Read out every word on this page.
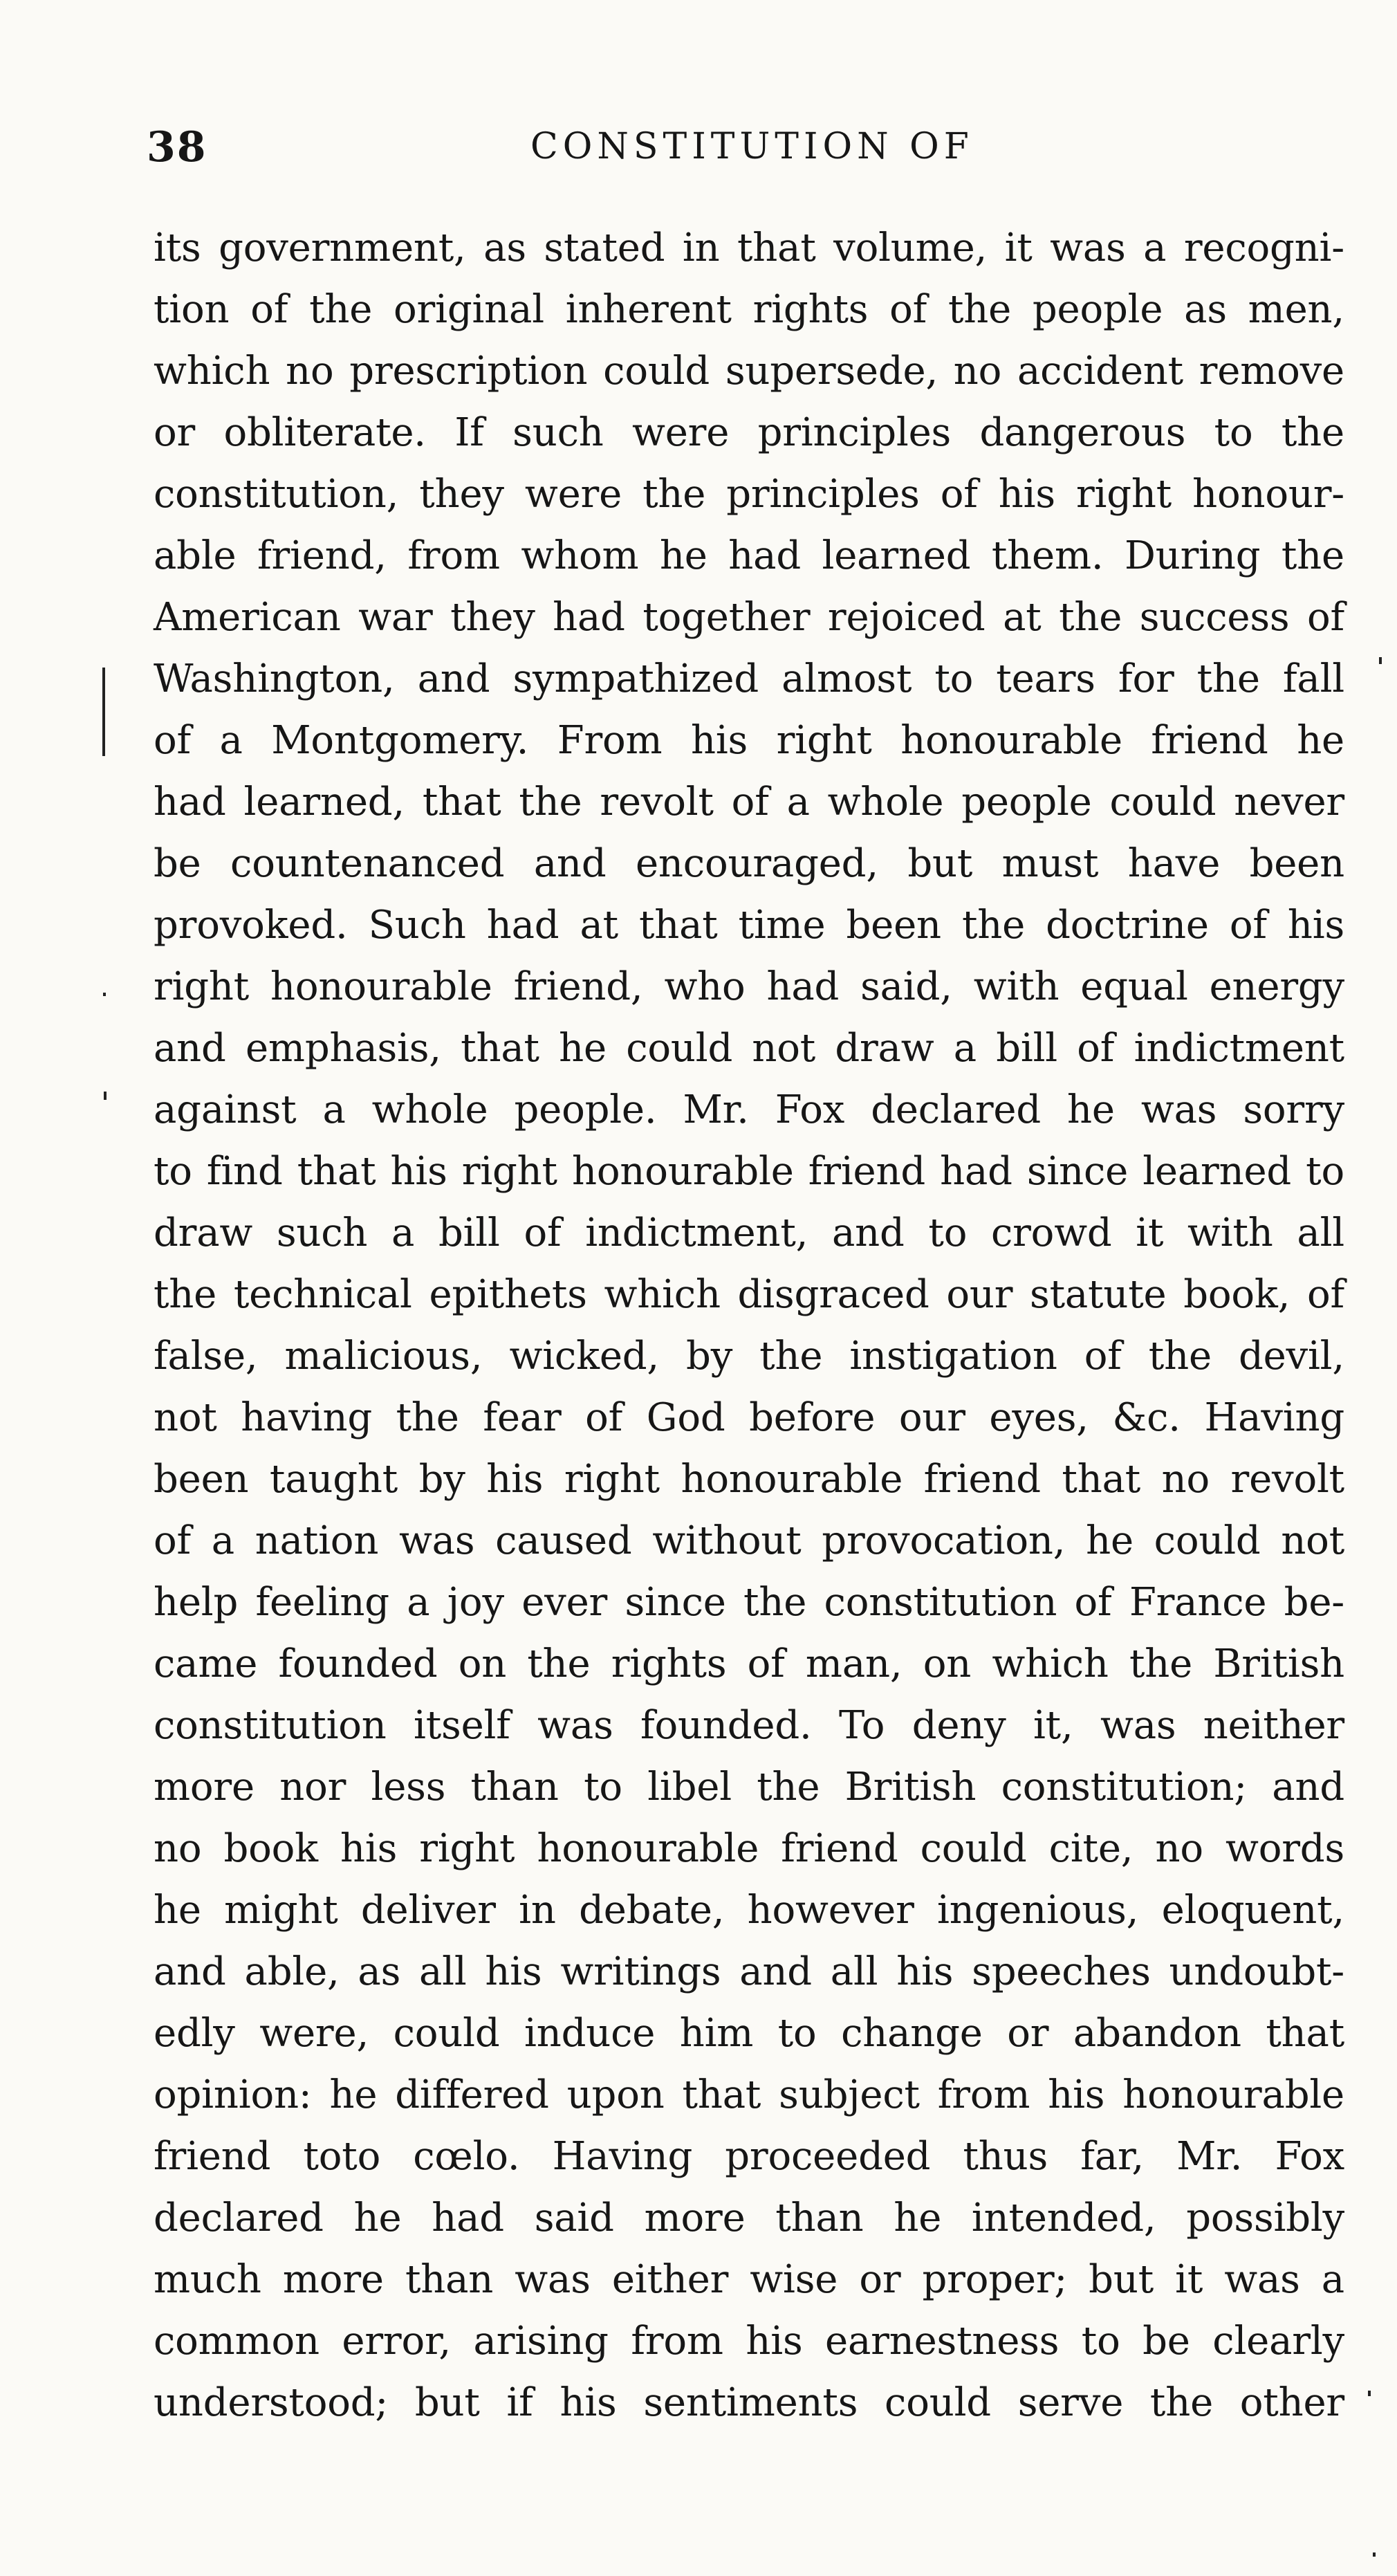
38	CONSTITUTION OF
its government, as stated in that volume, it was a recogni-
tion of the original inherent rights of the people as men,
which no prescription could supersede, no accident remove
or obliterate. If such were principles dangerous to the
constitution, they were the principles of his right honour-
able friend, from whom he had learned them. During the
American war they had together rejoiced at the success of
Washington, and sympathized almost to tears for the fall
of a Montgomery. From his right honourable friend he
had learned, that the revolt of a whole people could never
be countenanced and encouraged, but must have been
provoked. Such had at that time been the doctrine of his
right honourable friend, who had said, with equal energy
and emphasis, that he could not draw a bill of indictment
against a whole people. Mr. Fox declared he was sorry
to find that his right honourable friend had since learned to
draw such a bill of indictment, and to crowd it with all
the technical epithets which disgraced our statute book, of
false, malicious, wicked, by the instigation of the devil,
not having the fear of God before our eyes, &c. Having
been taught by his right honourable friend that no revolt
of a nation was caused without provocation, he could not
help feeling a joy ever since the constitution of France be-
came founded on the rights of man, on which the British
constitution itself was founded. To deny it, was neither
more nor less than to libel the British constitution; and
no book his right honourable friend could cite, no words
he might deliver in debate, however ingenious, eloquent,
and able, as all his writings and all his speeches undoubt-
edly were, could induce him to change or abandon that
opinion: he differed upon that subject from his honourable
friend toto cœlo. Having proceeded thus far, Mr. Fox
declared he had said more than he intended, possibly
much more than was either wise or proper; but it was a
common error, arising from his earnestness to be clearly
understood; but if his sentiments could serve the other
